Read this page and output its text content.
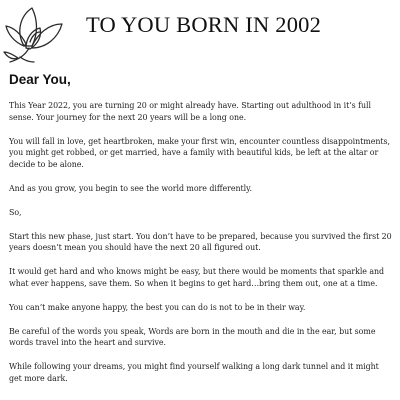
TO YOU BORN IN 2002

Dear You,

This Year 2022, you are turning 20 or might already have. Starting out adulthood in it’s full sense. Your journey for the next 20 years will be a long one.

You will fall in love, get heartbroken, make your first win, encounter countless disappointments, you might get robbed, or get married, have a family with beautiful kids, be left at the altar or decide to be alone.

And as you grow, you begin to see the world more differently.

So,

Start this new phase, just start. You don’t have to be prepared, because you survived the first 20 years doesn’t mean you should have the next 20 all figured out.

It would get hard and who knows might be easy, but there would be moments that sparkle and what ever happens, save them. So when it begins to get hard…bring them out, one at a time.

You can’t make anyone happy, the best you can do is not to be in their way.

Be careful of the words you speak, Words are born in the mouth and die in the ear, but some words travel into the heart and survive.

While following your dreams, you might find yourself walking a long dark tunnel and it might get more dark.
